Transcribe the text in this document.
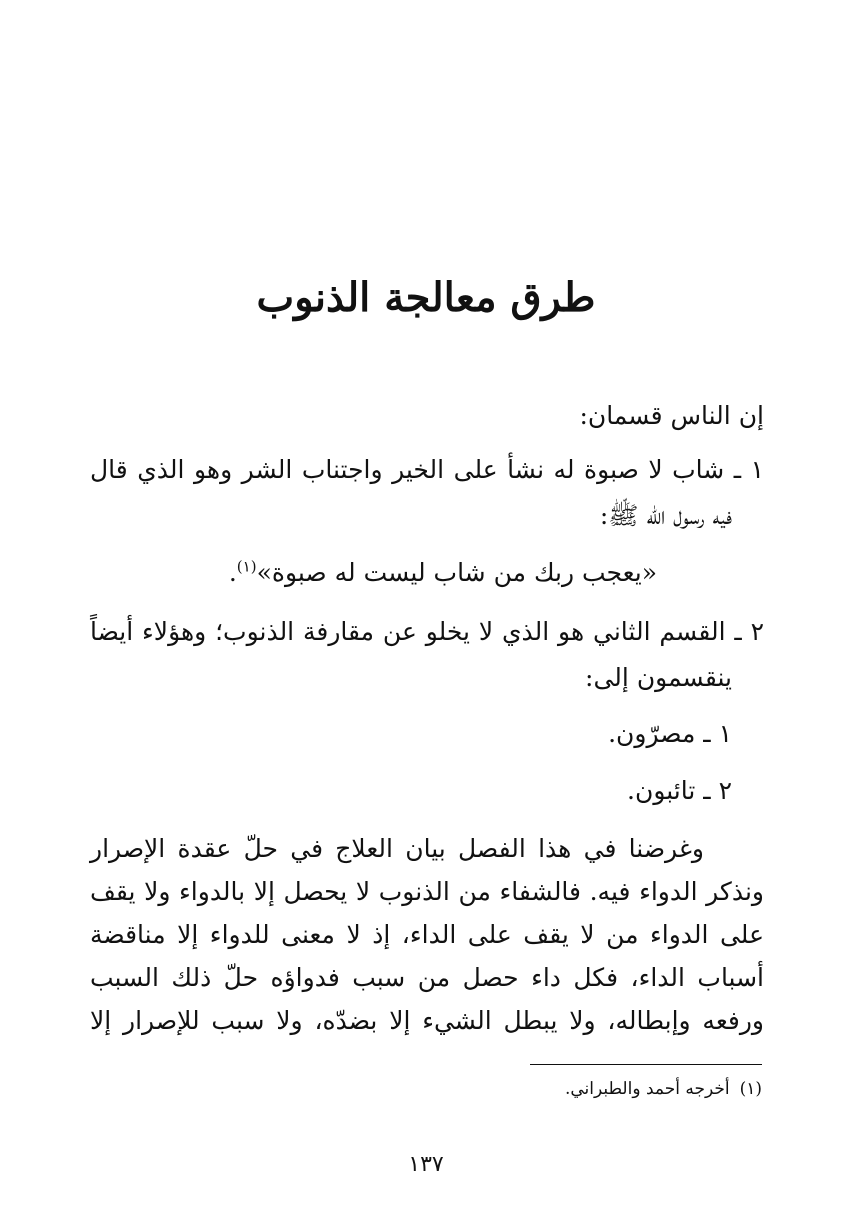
طرق معالجة الذنوب

إن الناس قسمان:

١ ـ شاب لا صبوة له نشأ على الخير واجتناب الشر وهو الذي قال

فيه رسول الله ﷺ:

«يعجب ربك من شاب ليست له صبوة»$^{(١)}$.

٢ ـ القسم الثاني هو الذي لا يخلو عن مقارفة الذنوب؛ وهؤلاء أيضاً

ينقسمون إلى:

١ ـ مصرّون.

٢ ـ تائبون.

وغرضنا في هذا الفصل بيان العلاج في حلّ عقدة الإصرار

ونذكر الدواء فيه. فالشفاء من الذنوب لا يحصل إلا بالدواء ولا يقف

على الدواء من لا يقف على الداء، إذ لا معنى للدواء إلا مناقضة

أسباب الداء، فكل داء حصل من سبب فدواؤه حلّ ذلك السبب

ورفعه وإبطاله، ولا يبطل الشيء إلا بضدّه، ولا سبب للإصرار إلا

(١)أخرجه أحمد والطبراني.
١٣٧
